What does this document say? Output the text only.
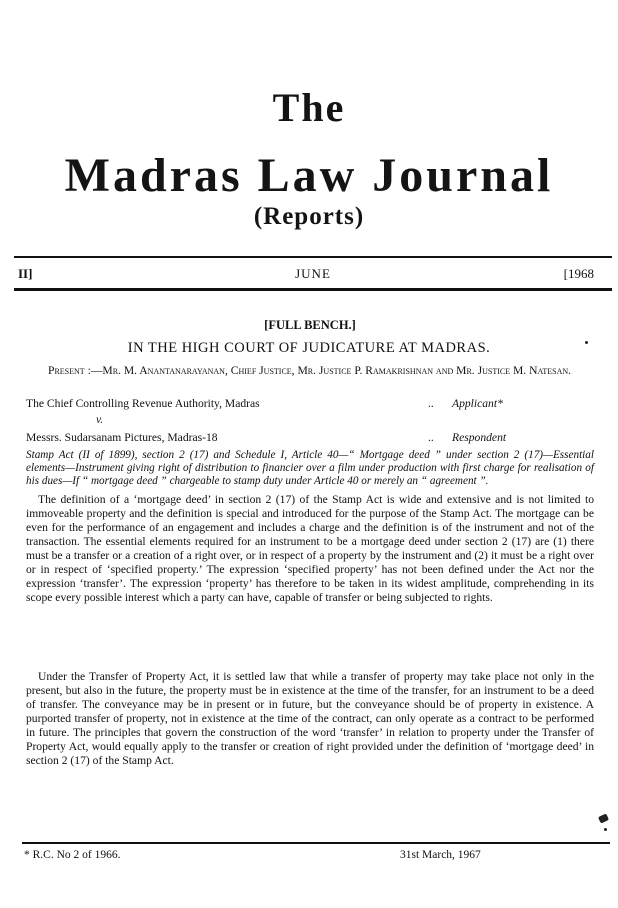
The
Madras Law Journal
(Reports)
II]	JUNE	[1968
[FULL BENCH.]
IN THE HIGH COURT OF JUDICATURE AT MADRAS.
Present :—Mr. M. Anantanarayanan, Chief Justice, Mr. Justice P. Ramakrishnan and Mr. Justice M. Natesan.
The Chief Controlling Revenue Authority, Madras	.. Applicant*
v.
Messrs. Sudarsanam Pictures, Madras-18	.. Respondent
Stamp Act (II of 1899), section 2 (17) and Schedule I, Article 40—“ Mortgage deed ” under section 2 (17)—Essential elements—Instrument giving right of distribution to financier over a film under production with first charge for realisation of his dues—If “ mortgage deed ” chargeable to stamp duty under Article 40 or merely an “ agreement ”.
The definition of a ‘mortgage deed’ in section 2 (17) of the Stamp Act is wide and extensive and is not limited to immoveable property and the definition is special and introduced for the purpose of the Stamp Act. The mortgage can be even for the performance of an engagement and includes a charge and the definition is of the instrument and not of the transaction. The essential elements required for an instrument to be a mortgage deed under section 2 (17) are (1) there must be a transfer or a creation of a right over, or in respect of a property by the instrument and (2) it must be a right over or in respect of ‘specified property.’ The expression ‘specified property’ has not been defined under the Act nor the expression ‘transfer’. The expression ‘property’ has therefore to be taken in its widest amplitude, comprehending in its scope every possible interest which a party can have, capable of transfer or being subjected to rights.
Under the Transfer of Property Act, it is settled law that while a transfer of property may take place not only in the present, but also in the future, the property must be in existence at the time of the transfer, for an instrument to be a deed of transfer. The conveyance may be in present or in future, but the conveyance should be of property in existence. A purported transfer of property, not in existence at the time of the contract, can only operate as a contract to be performed in future. The principles that govern the construction of the word ‘transfer’ in relation to property under the Transfer of Property Act, would equally apply to the transfer or creation of right provided under the definition of ‘mortgage deed’ in section 2 (17) of the Stamp Act.
* R.C. No 2 of 1966.	31st March, 1967
